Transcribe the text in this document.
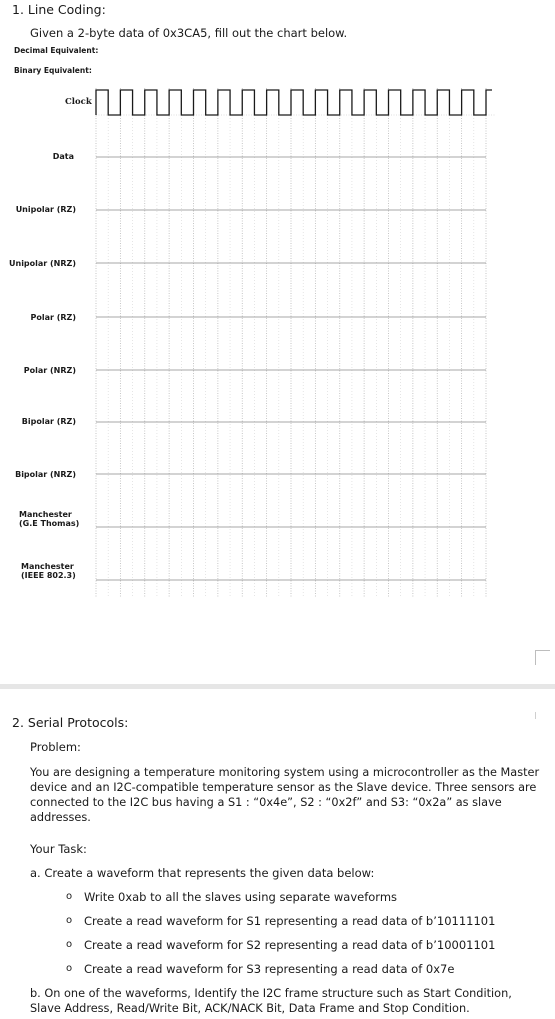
1. Line Coding:
Given a 2-byte data of 0x3CA5, fill out the chart below.
Decimal Equivalent:
Binary Equivalent:
Clock
Data
Unipolar (RZ)
Unipolar (NRZ)
Polar (RZ)
Polar (NRZ)
Bipolar (RZ)
Bipolar (NRZ)
Manchester
(G.E Thomas)
Manchester
(IEEE 802.3)
2. Serial Protocols:
Problem:
You are designing a temperature monitoring system using a microcontroller as the Master device and an I2C-compatible temperature sensor as the Slave device. Three sensors are connected to the I2C bus having a S1 : “0x4e”, S2 : “0x2f” and S3: “0x2a” as slave addresses.
Your Task:
a. Create a waveform that represents the given data below:
o Write 0xab to all the slaves using separate waveforms
o Create a read waveform for S1 representing a read data of b’10111101
o Create a read waveform for S2 representing a read data of b’10001101
o Create a read waveform for S3 representing a read data of 0x7e
b. On one of the waveforms, Identify the I2C frame structure such as Start Condition, Slave Address, Read/Write Bit, ACK/NACK Bit, Data Frame and Stop Condition.
